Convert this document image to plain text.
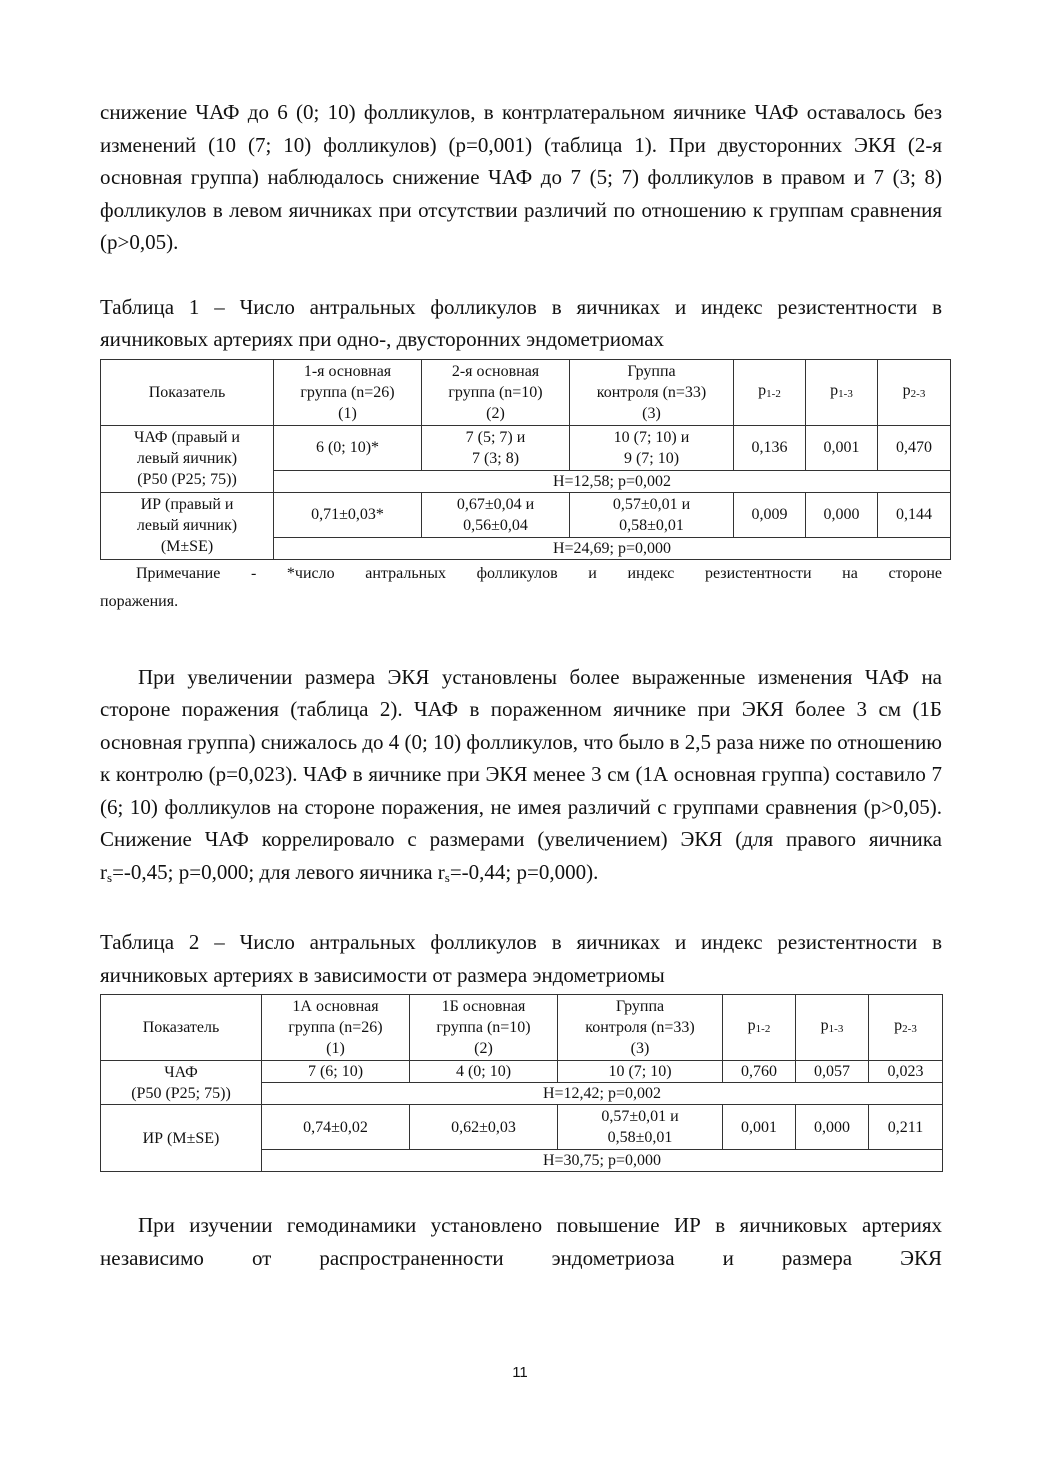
снижение ЧАФ до 6 (0; 10) фолликулов, в контрлатеральном яичнике ЧАФ оставалось без изменений (10 (7; 10) фолликулов) (p=0,001) (таблица 1). При двусторонних ЭКЯ (2-я основная группа) наблюдалось снижение ЧАФ до 7 (5; 7) фолликулов в правом и 7 (3; 8) фолликулов в левом яичниках при отсутствии различий по отношению к группам сравнения (p>0,05).

Таблица 1 – Число антральных фолликулов в яичниках и индекс резистентности в яичниковых артериях при одно-, двусторонних эндометриомах

Показатель	1-я основная
группа (n=26)
(1)	2-я основная
группа (n=10)
(2)	Группа
контроля (n=33)
(3)	$p_{1-2}$	$p_{1-3}$	$p_{2-3}$
ЧАФ (правый и
левый яичник)
(P50 (P25; 75))	6 (0; 10)*	7 (5; 7) и
7 (3; 8)	10 (7; 10) и
9 (7; 10)	0,136	0,001	0,470
	H=12,58; p=0,002					
ИР (правый и
левый яичник)
(M±SE)	0,71±0,03*	0,67±0,04 и
0,56±0,04	0,57±0,01 и
0,58±0,01	0,009	0,000	0,144
	H=24,69; p=0,000					
Примечание - *число антральных фолликулов и индекс резистентности на стороне
поражения.

При увеличении размера ЭКЯ установлены более выраженные изменения ЧАФ на стороне поражения (таблица 2). ЧАФ в пораженном яичнике при ЭКЯ более 3 см (1Б основная группа) снижалось до 4 (0; 10) фолликулов, что было в 2,5 раза ниже по отношению к контролю (p=0,023). ЧАФ в яичнике при ЭКЯ менее 3 см (1А основная группа) составило 7 (6; 10) фолликулов на стороне поражения, не имея различий с группами сравнения (p>0,05). Снижение ЧАФ коррелировало с размерами (увеличением) ЭКЯ (для правого яичника $r_s=-0,45$; p=0,000; для левого яичника $r_s=-0,44$; p=0,000).

Таблица 2 – Число антральных фолликулов в яичниках и индекс резистентности в яичниковых артериях в зависимости от размера эндометриомы

Показатель	1А основная
группа (n=26)
(1)	1Б основная
группа (n=10)
(2)	Группа
контроля (n=33)
(3)	$p_{1-2}$	$p_{1-3}$	$p_{2-3}$
ЧАФ
(P50 (P25; 75))	7 (6; 10)	4 (0; 10)	10 (7; 10)	0,760	0,057	0,023
	H=12,42; p=0,002					
ИР (M±SE)	0,74±0,02	0,62±0,03	0,57±0,01 и
0,58±0,01	0,001	0,000	0,211
	H=30,75; p=0,000					

При изучении гемодинамики установлено повышение ИР в яичниковых артериях независимо от распространенности эндометриоза и размера ЭКЯ

11
